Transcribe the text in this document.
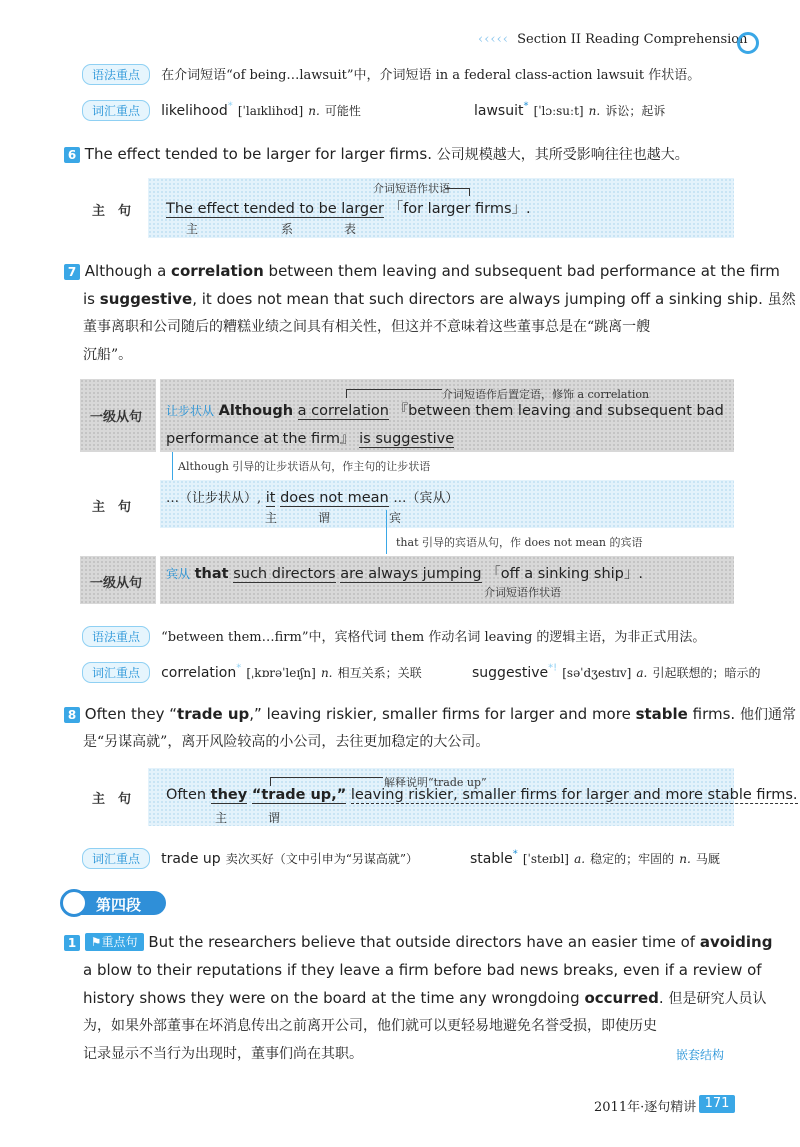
‹‹‹‹‹ Section II Reading Comprehension
语法重点 在介词短语“of being…lawsuit”中，介词短语 in a federal class-action lawsuit 作状语。
词汇重点 likelihood* [ˈlaɪklihʊd] n. 可能性	lawsuit* [ˈlɔːsuːt] n. 诉讼；起诉
6 The effect tended to be larger for larger firms. 公司规模越大，其所受影响往往也越大。
主　句
介词短语作状语
The effect tended to be larger 「for larger firms」.
主	系	表
7 Although a correlation between them leaving and subsequent bad performance at the firm
is suggestive, it does not mean that such directors are always jumping off a sinking ship. 虽然
董事离职和公司随后的糟糕业绩之间具有相关性，但这并不意味着这些董事总是在“跳离一艘
沉船”。
一级从句
介词短语作后置定语，修饰 a correlation
让步状从 Although a correlation 『between them leaving and subsequent bad
performance at the firm』 is suggestive
Although 引导的让步状语从句，作主句的让步状语
主　句
…（让步状从）, it does not mean …（宾从）
主	谓	宾
that 引导的宾语从句，作 does not mean 的宾语
一级从句
宾从 that such directors are always jumping 「off a sinking ship」.
介词短语作状语
语法重点 “between them…firm”中，宾格代词 them 作动名词 leaving 的逻辑主语，为非正式用法。
词汇重点 correlation* [ˌkɒrəˈleɪʃn] n. 相互关系；关联	suggestive*! [səˈdʒestɪv] a. 引起联想的；暗示的
8 Often they “trade up,” leaving riskier, smaller firms for larger and more stable firms. 他们通常
是“另谋高就”，离开风险较高的小公司，去往更加稳定的大公司。
主　句
解释说明“trade up”
Often they “trade up,” leaving riskier, smaller firms for larger and more stable firms.
主	谓
词汇重点 trade up 卖次买好（文中引申为“另谋高就”）	stable* [ˈsteɪbl] a. 稳定的；牢固的 n. 马厩
第四段
1 ⚑重点句 But the researchers believe that outside directors have an easier time of avoiding
a blow to their reputations if they leave a firm before bad news breaks, even if a review of
history shows they were on the board at the time any wrongdoing occurred. 但是研究人员认
为，如果外部董事在坏消息传出之前离开公司，他们就可以更轻易地避免名誉受损，即使历史
记录显示不当行为出现时，董事们尚在其职。	嵌套结构
2011年·逐句精讲 171
